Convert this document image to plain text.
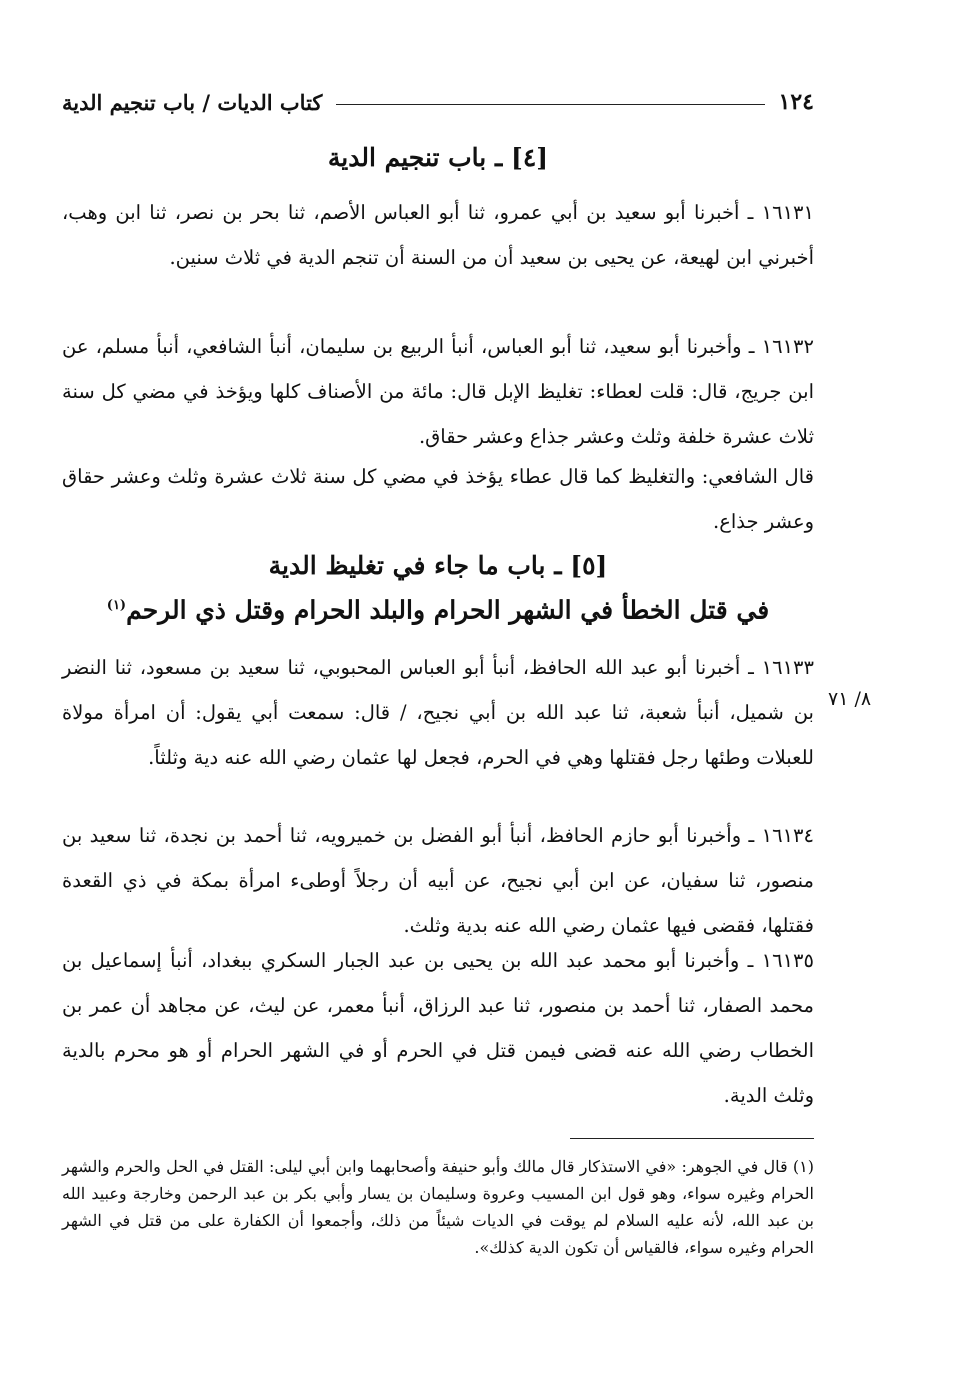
١٢٤
كتاب الديات / باب تنجيم الدية
[٤] ـ باب تنجيم الدية
١٦١٣١ ـ أخبرنا أبو سعيد بن أبي عمرو، ثنا أبو العباس الأصم، ثنا بحر بن نصر، ثنا ابن وهب، أخبرني ابن لهيعة، عن يحيى بن سعيد أن من السنة أن تنجم الدية في ثلاث سنين.
١٦١٣٢ ـ وأخبرنا أبو سعيد، ثنا أبو العباس، أنبأ الربيع بن سليمان، أنبأ الشافعي، أنبأ مسلم، عن ابن جريج، قال: قلت لعطاء: تغليظ الإبل قال: مائة من الأصناف كلها ويؤخذ في مضي كل سنة ثلاث عشرة خلفة وثلث وعشر جذاع وعشر حقاق.
قال الشافعي: والتغليظ كما قال عطاء يؤخذ في مضي كل سنة ثلاث عشرة وثلث وعشر حقاق وعشر جذاع.
[٥] ـ باب ما جاء في تغليظ الدية
في قتل الخطأ في الشهر الحرام والبلد الحرام وقتل ذي الرحم$^{(١)}$
١٦١٣٣ ـ أخبرنا أبو عبد الله الحافظ، أنبأ أبو العباس المحبوبي، ثنا سعيد بن مسعود، ثنا النضر بن شميل، أنبأ شعبة، ثنا عبد الله بن أبي نجيح، / قال: سمعت أبي يقول: أن امرأة مولاة للعبلات وطئها رجل فقتلها وهي في الحرم، فجعل لها عثمان رضي الله عنه دية وثلثاً.
٨/ ٧١
١٦١٣٤ ـ وأخبرنا أبو حازم الحافظ، أنبأ أبو الفضل بن خميرويه، ثنا أحمد بن نجدة، ثنا سعيد بن منصور، ثنا سفيان، عن ابن أبي نجيح، عن أبيه أن رجلاً أوطىء امرأة بمكة في ذي القعدة فقتلها، فقضى فيها عثمان رضي الله عنه بدية وثلث.
١٦١٣٥ ـ وأخبرنا أبو محمد عبد الله بن يحيى بن عبد الجبار السكري ببغداد، أنبأ إسماعيل بن محمد الصفار، ثنا أحمد بن منصور، ثنا عبد الرزاق، أنبأ معمر، عن ليث، عن مجاهد أن عمر بن الخطاب رضي الله عنه قضى فيمن قتل في الحرم أو في الشهر الحرام أو هو محرم بالدية وثلث الدية.
(١) قال في الجوهر: «في الاستذكار قال مالك وأبو حنيفة وأصحابهما وابن أبي ليلى: القتل في الحل والحرم والشهر الحرام وغيره سواء، وهو قول ابن المسيب وعروة وسليمان بن يسار وأبي بكر بن عبد الرحمن وخارجة وعبيد الله بن عبد الله، لأنه عليه السلام لم يوقت في الديات شيئاً من ذلك، وأجمعوا أن الكفارة على من قتل في الشهر الحرام وغيره سواء، فالقياس أن تكون الدية كذلك».
